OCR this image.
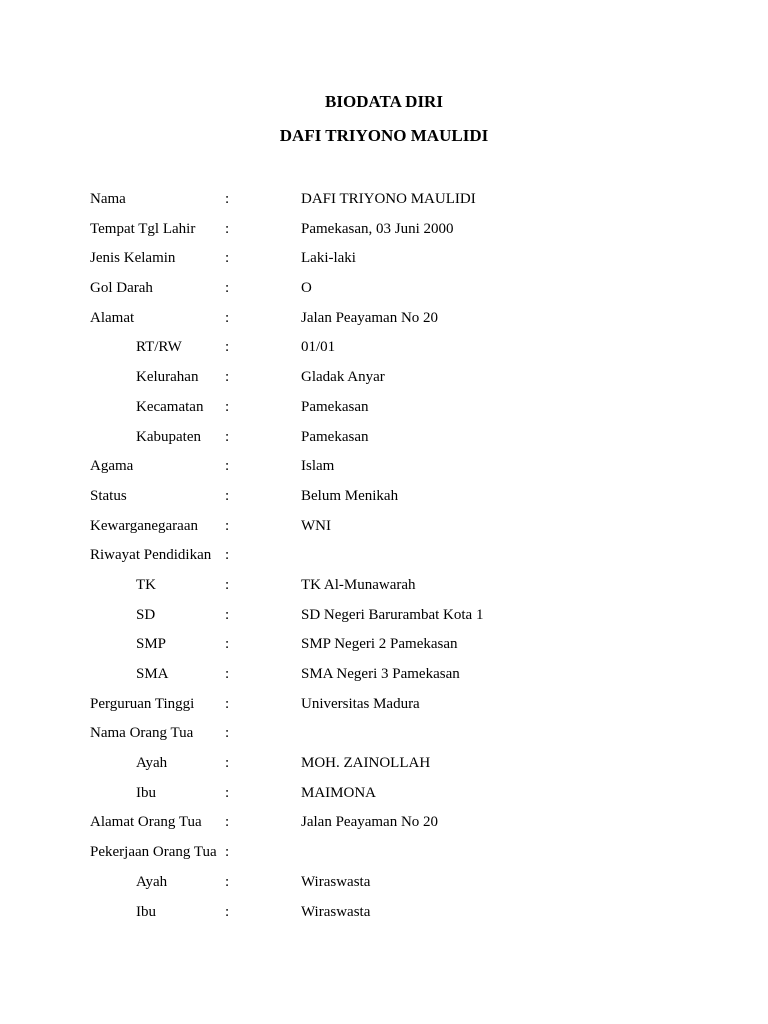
BIODATA DIRI
DAFI TRIYONO MAULIDI
Nama	:	DAFI TRIYONO MAULIDI
Tempat Tgl Lahir :	Pamekasan, 03 Juni 2000
Jenis Kelamin	:	Laki-laki
Gol Darah	:	O
Alamat	:	Jalan Peayaman No 20
RT/RW	:	01/01
Kelurahan :	Gladak Anyar
Kecamatan :	Pamekasan
Kabupaten :	Pamekasan
Agama	:	Islam
Status	:	Belum Menikah
Kewarganegaraan :	WNI
Riwayat Pendidikan :
TK	:	TK Al-Munawarah
SD	:	SD Negeri Barurambat Kota 1
SMP	:	SMP Negeri 2 Pamekasan
SMA	:	SMA Negeri 3 Pamekasan
Perguruan Tinggi :	Universitas Madura
Nama Orang Tua :
Ayah	:	MOH. ZAINOLLAH
Ibu	:	MAIMONA
Alamat Orang Tua :	Jalan Peayaman No 20
Pekerjaan Orang Tua :
Ayah	:	Wiraswasta
Ibu	:	Wiraswasta
